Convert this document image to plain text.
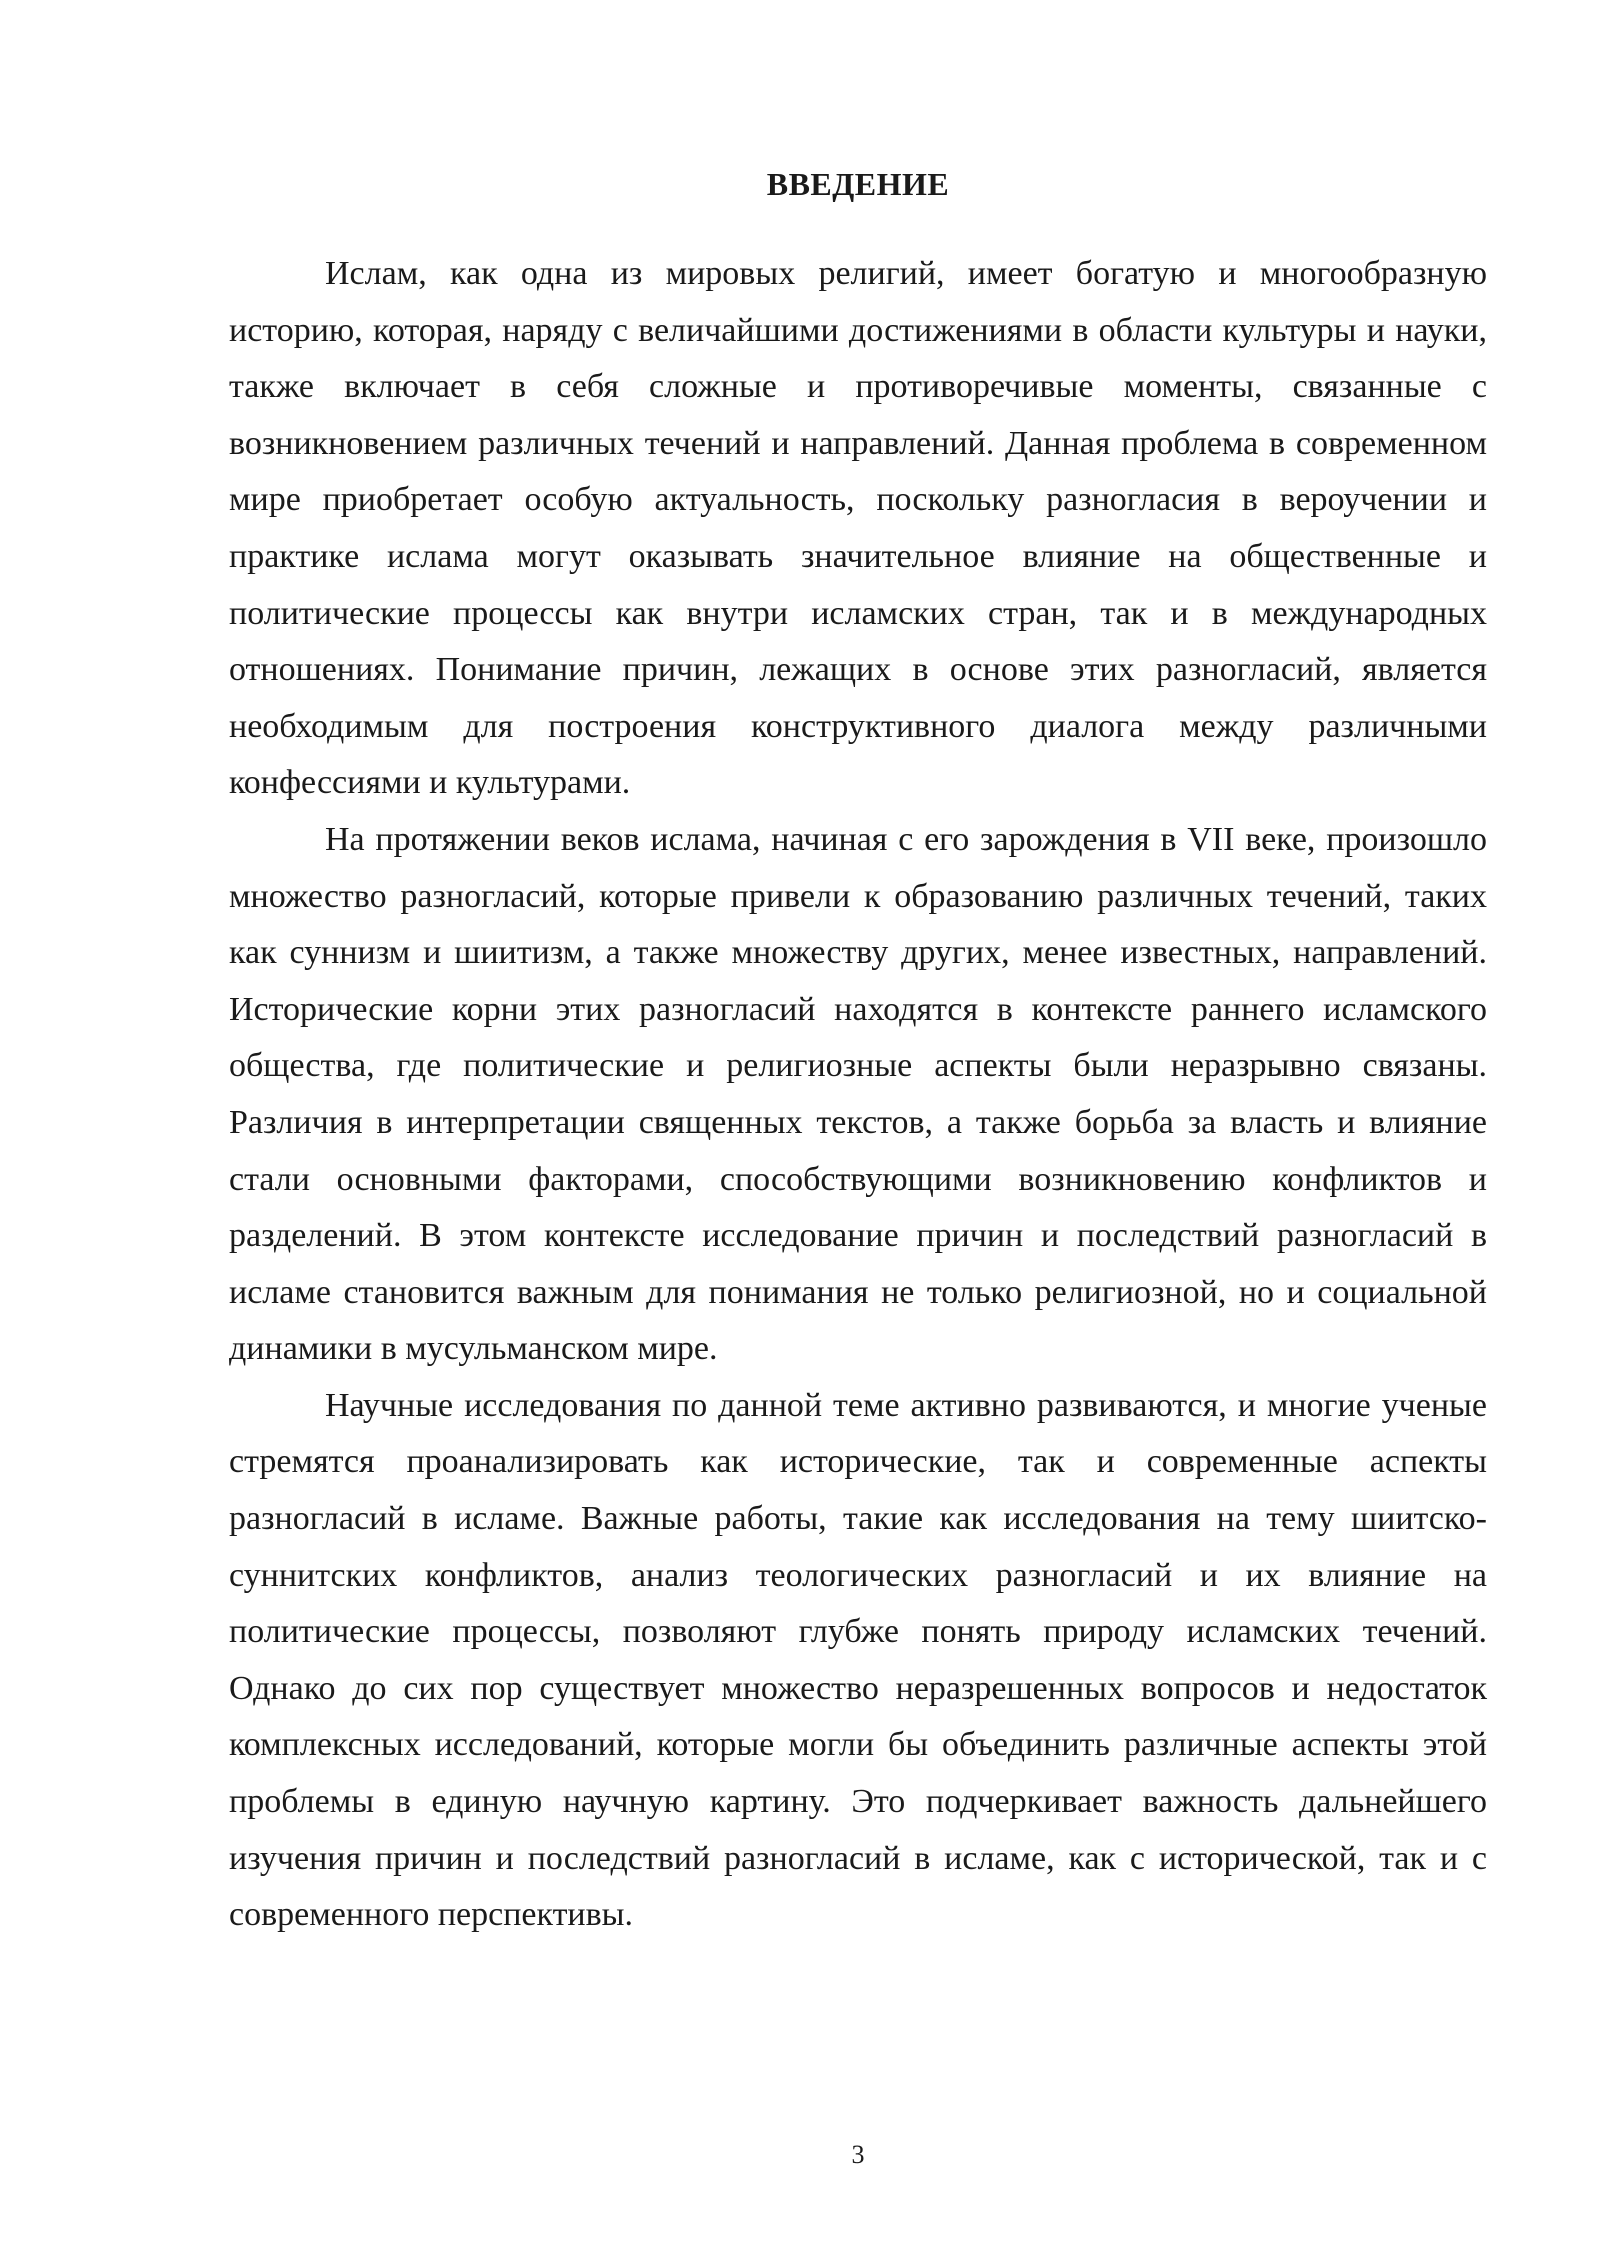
ВВЕДЕНИЕ

Ислам, как одна из мировых религий, имеет богатую и многообразную историю, которая, наряду с величайшими достижениями в области культуры и науки, также включает в себя сложные и противоречивые моменты, связанные с возникновением различных течений и направлений. Данная проблема в современном мире приобретает особую актуальность, поскольку разногласия в вероучении и практике ислама могут оказывать значительное влияние на общественные и политические процессы как внутри исламских стран, так и в международных отношениях. Понимание причин, лежащих в основе этих разногласий, является необходимым для построения конструктивного диалога между различными конфессиями и культурами.

На протяжении веков ислама, начиная с его зарождения в VII веке, произошло множество разногласий, которые привели к образованию различных течений, таких как суннизм и шиитизм, а также множеству других, менее известных, направлений. Исторические корни этих разногласий находятся в контексте раннего исламского общества, где политические и религиозные аспекты были неразрывно связаны. Различия в интерпретации священных текстов, а также борьба за власть и влияние стали основными факторами, способствующими возникновению конфликтов и разделений. В этом контексте исследование причин и последствий разногласий в исламе становится важным для понимания не только религиозной, но и социальной динамики в мусульманском мире.

Научные исследования по данной теме активно развиваются, и многие ученые стремятся проанализировать как исторические, так и современные аспекты разногласий в исламе. Важные работы, такие как исследования на тему шиитско-суннитских конфликтов, анализ теологических разногласий и их влияние на политические процессы, позволяют глубже понять природу исламских течений. Однако до сих пор существует множество неразрешенных вопросов и недостаток комплексных исследований, которые могли бы объединить различные аспекты этой проблемы в единую научную картину. Это подчеркивает важность дальнейшего изучения причин и последствий разногласий в исламе, как с исторической, так и с современного перспективы.

3
